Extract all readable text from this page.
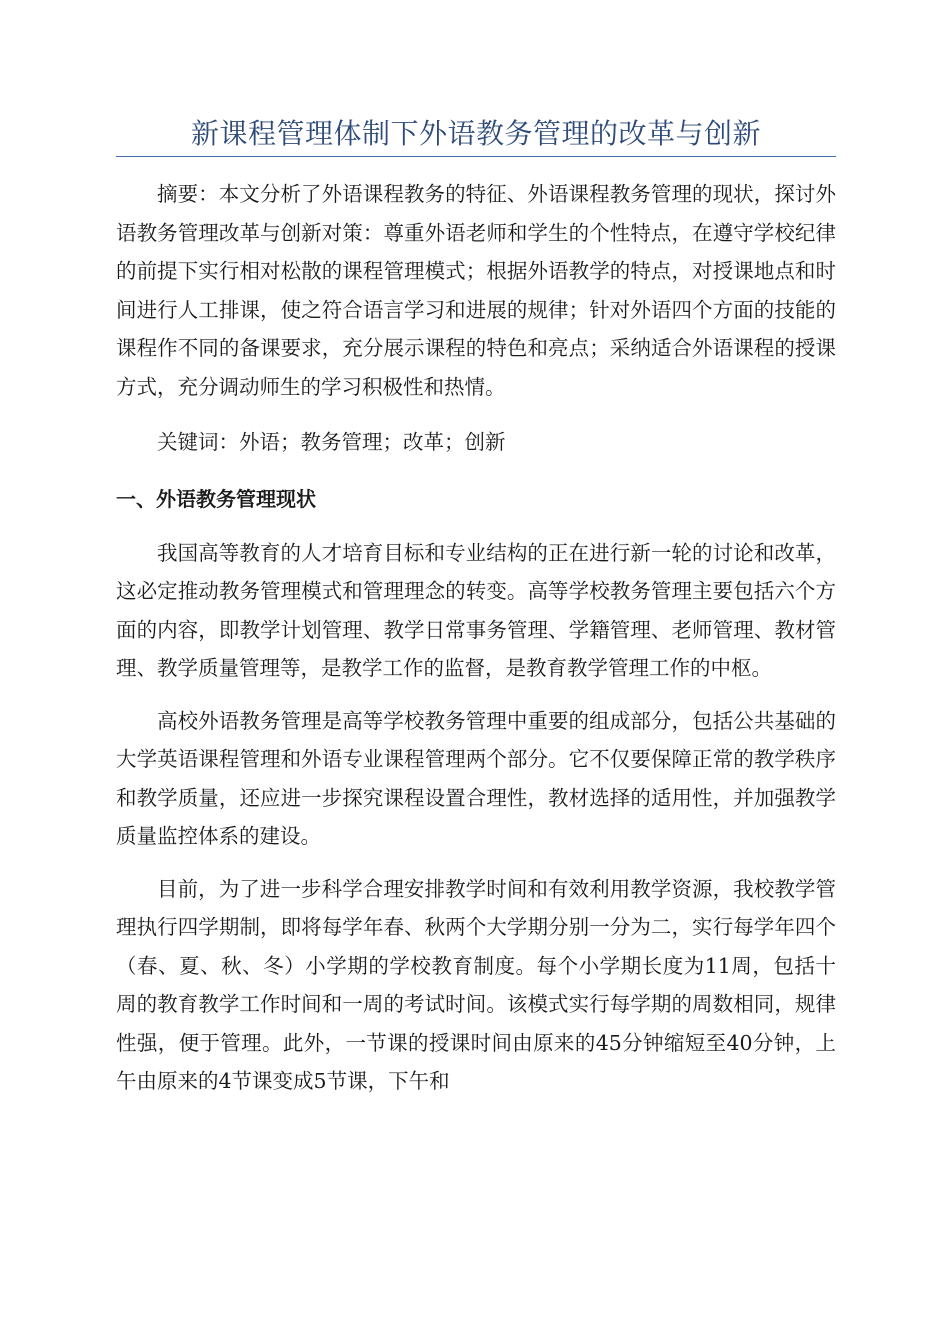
新课程管理体制下外语教务管理的改革与创新

摘要：本文分析了外语课程教务的特征、外语课程教务管理的现状，探讨外语教务管理改革与创新对策：尊重外语老师和学生的个性特点，在遵守学校纪律的前提下实行相对松散的课程管理模式；根据外语教学的特点，对授课地点和时间进行人工排课，使之符合语言学习和进展的规律；针对外语四个方面的技能的课程作不同的备课要求，充分展示课程的特色和亮点；采纳适合外语课程的授课方式，充分调动师生的学习积极性和热情。

关键词：外语；教务管理；改革；创新

一、外语教务管理现状

我国高等教育的人才培育目标和专业结构的正在进行新一轮的讨论和改革，这必定推动教务管理模式和管理理念的转变。高等学校教务管理主要包括六个方面的内容，即教学计划管理、教学日常事务管理、学籍管理、老师管理、教材管理、教学质量管理等，是教学工作的监督，是教育教学管理工作的中枢。

高校外语教务管理是高等学校教务管理中重要的组成部分，包括公共基础的大学英语课程管理和外语专业课程管理两个部分。它不仅要保障正常的教学秩序和教学质量，还应进一步探究课程设置合理性，教材选择的适用性，并加强教学质量监控体系的建设。

目前，为了进一步科学合理安排教学时间和有效利用教学资源，我校教学管理执行四学期制，即将每学年春、秋两个大学期分别一分为二，实行每学年四个（春、夏、秋、冬）小学期的学校教育制度。每个小学期长度为11周，包括十周的教育教学工作时间和一周的考试时间。该模式实行每学期的周数相同，规律性强，便于管理。此外，一节课的授课时间由原来的45分钟缩短至40分钟，上午由原来的4节课变成5节课，下午和
